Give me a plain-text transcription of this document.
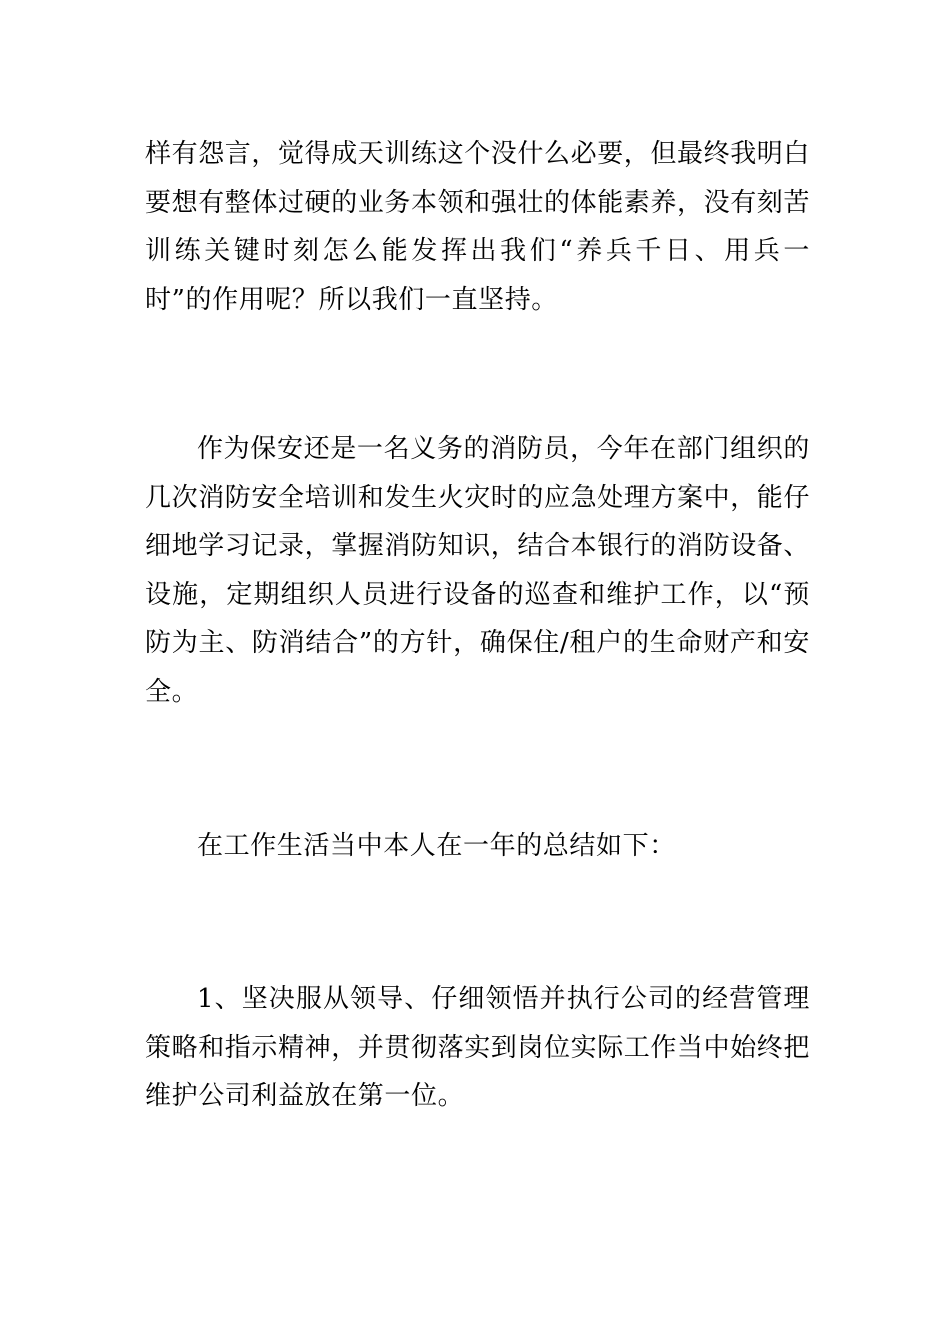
样有怨言，觉得成天训练这个没什么必要，但最终我明白要想有整体过硬的业务本领和强壮的体能素养，没有刻苦训练关键时刻怎么能发挥出我们“养兵千日、用兵一时”的作用呢？所以我们一直坚持。

作为保安还是一名义务的消防员，今年在部门组织的几次消防安全培训和发生火灾时的应急处理方案中，能仔细地学习记录，掌握消防知识，结合本银行的消防设备、设施，定期组织人员进行设备的巡查和维护工作，以“预防为主、防消结合”的方针，确保住/租户的生命财产和安全。

在工作生活当中本人在一年的总结如下：

1、坚决服从领导、仔细领悟并执行公司的经营管理策略和指示精神，并贯彻落实到岗位实际工作当中始终把维护公司利益放在第一位。
